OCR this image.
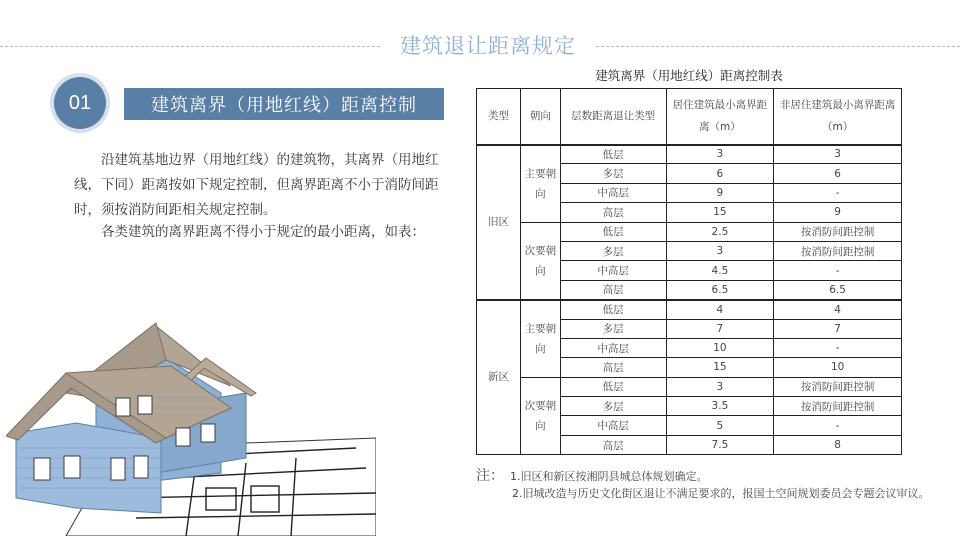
建筑退让距离规定
01	建筑离界（用地红线）距离控制

沿建筑基地边界（用地红线）的建筑物，其离界（用地红线，下同）距离按如下规定控制，但离界距离不小于消防间距时，须按消防间距相关规定控制。

各类建筑的离界距离不得小于规定的最小距离，如表：

建筑离界（用地红线）距离控制表
类型	朝向	层数距离退让类型	居住建筑最小离界距离（m）	非居住建筑最小离界距离（m）
旧区	主要朝向	低层	3	3
		多层	6	6
		中高层	9	-
		高层	15	9
	次要朝向	低层	2.5	按消防间距控制
		多层	3	按消防间距控制
		中高层	4.5	-
		高层	6.5	6.5
新区	主要朝向	低层	4	4
		多层	7	7
		中高层	10	-
		高层	15	10
	次要朝向	低层	3	按消防间距控制
		多层	3.5	按消防间距控制
		中高层	5	-
		高层	7.5	8
注： 1.旧区和新区按湘阴县城总体规划确定。
2.旧城改造与历史文化街区退让不满足要求的，报国土空间规划委员会专题会议审议。
